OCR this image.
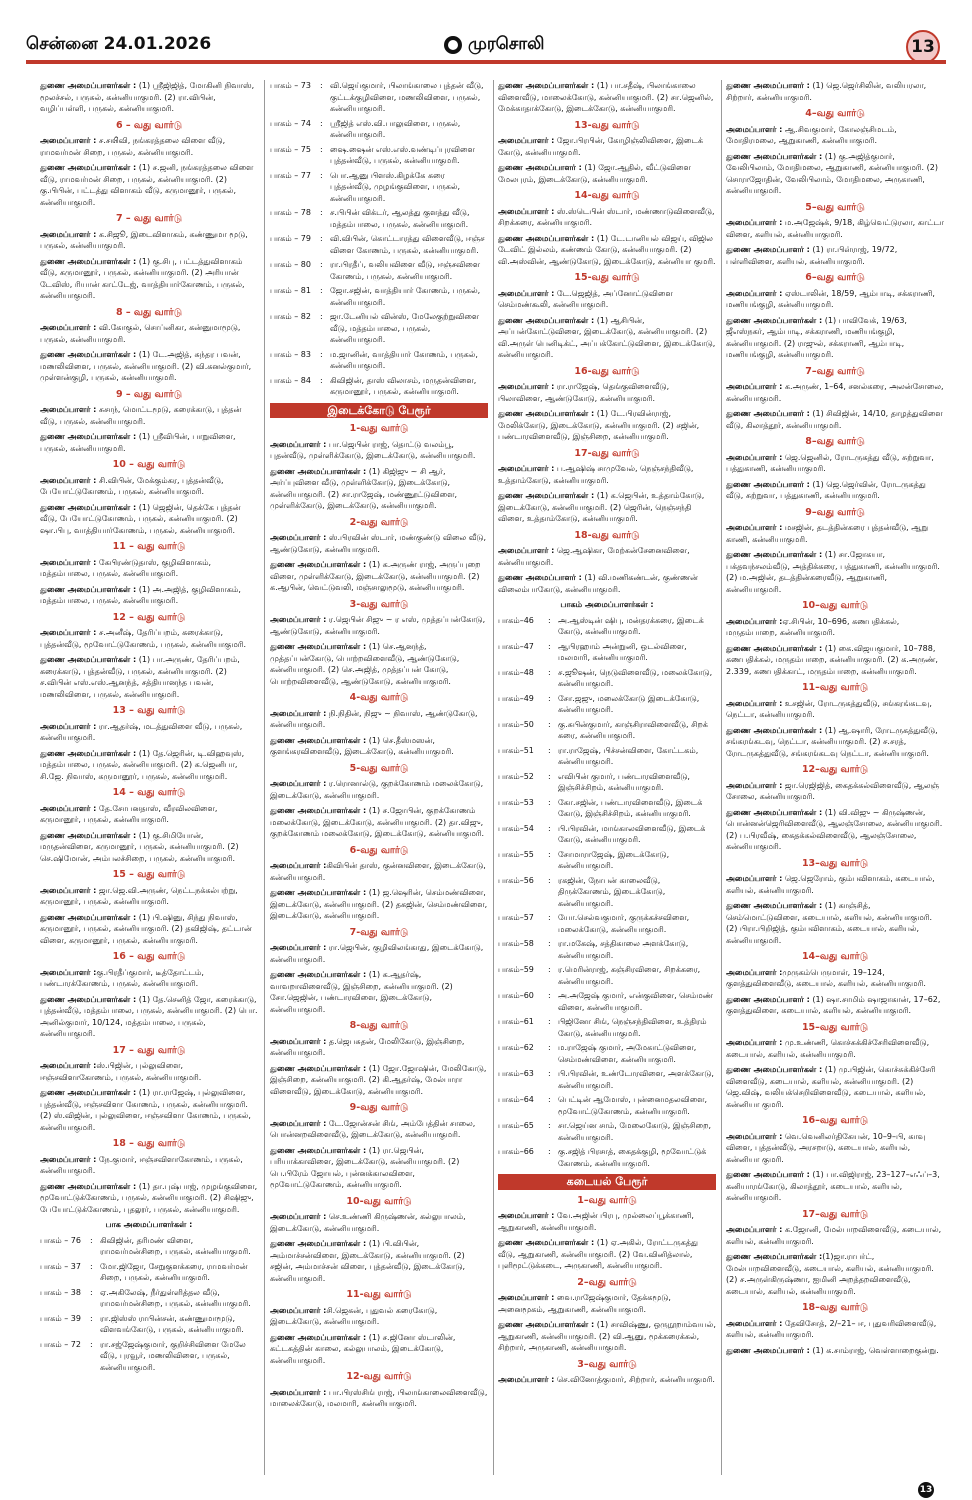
சென்னை 24.01.2026	முரசொலி	13

துணை அமைப்பாளர்கள் : (1) ஸ்ரீஜிஜித், மோகினி நிவாஸ், மூலச்சல், பருசுல், கன்னியாகுமரி. (2) ரா.விபின், வழிப்பள்ளி, பருகல், கன்னியாகுமரி.

6 – வது வார்டு

அமைப்பாளர் : ச.சஙிவி, நங்கரத்தலை விளை வீடு, ராமவர்மன் சிறை, பருகல், கன்னியாகுமரி.

துணை அமைப்பாளர்கள் : (1) ச.ஜனி, நங்கரத்தலை விளை வீடு, ராமவர்மன் சிறை, பருகல், கன்னியாகுமரி. (2) கு.பிபின், பட்டத்து விளாகம் வீடு, கருமானூர், பருகல், கன்னியாகுமரி.

7 – வது வார்டு

அமைப்பாளர் : க.சிஜூ, இடைவிளாகம், கண்ணுமா மூடு, பருகல், கன்னியாகுமரி.

துணை அமைப்பாளர்கள் : (1) கு.சிபு, பட்டத்துவிளாகம் வீடு, கருமானூர், பருகல், கன்னியாகுமரி. (2) அரியான் டேவிஸ், ரியான் காட்டேஜ், வாத்தியார்கோணம், பருகல், கன்னியாகுமரி.

8 – வது வார்டு

அமைப்பாளர் : வி.கோகுல், சொப்னிகா, கன்னுமாமூடு, பருகல், கன்னியாகுமரி.

துணை அமைப்பாளர்கள் : (1) டே.அஜித், சுந்தர பவன், மணலிவிளை, பருகல், கன்னியாகுமரி. (2) வி.கனல்குமார், முள்ளன்குழி, பருகல், கன்னியாகுமரி.

9 – வது வார்டு

அமைப்பாளர் : சுசாந், மொட்டமூடு, கரைக்காடு, புத்தன் வீடு, பருகல், கன்னியாகுமரி.

துணை அமைப்பாளர்கள் : (1) ஸ்ரீவிபின், பாறுவிளை, பருகல், கன்னியாகுமரி.

10 – வது வார்டு

அமைப்பாளர் : சி.விபின், மேக்கும்கர, புத்தன்வீடு, பேயோட்டுகோணம், பருகல், கன்னியாகுமரி.

துணை அமைப்பாளர்கள் : (1) ஜெஜின், தெக்கே புத்தன் வீடு, பேயோட்டுகோணம், பருகல், கன்னியாகுமரி. (2) ஷா.பிபு, வாத்தியார்கோணம், பருகல், கன்னியாகுமரி.

11 – வது வார்டு

அமைப்பாளர் : கேபிரண்டுதாஸ், குழிவிளாகம், மத்தம்பாலை, பருகல், கன்னியாகுமரி.

துணை அமைப்பாளர்கள் : (1) அ.அஜித், குழிவிளாகம், மத்தம்பாலை, பருகல், கன்னியாகுமரி.

12 – வது வார்டு

அமைப்பாளர் : ச.அனீஷ், தேரிப்பறம், கரைக்காடு, புத்தன்வீடு, மூவோட்டுகோணம், பருகல், கன்னியாகுமரி.

துணை அமைப்பாளர்கள் : (1) பா.அருண், தேரிப்பறம், கரைக்காடு, புத்தன்வீடு, பருகல், கன்னியாகுமரி. (2) ச.விபின் எஸ்.எஸ்.ஆனந்த், சத்தியானந்த பவன், மணலிவிளை, பருகல், கன்னியாகுமரி.

13 – வது வார்டு

அமைப்பாளர் : ரா.ஆதர்ஷ், மடத்துவிளை வீடு, பருகல், கன்னியாகுமரி.

துணை அமைப்பாளர்கள் : (1) தே.ஜெரின், டி.விஹவுஸ், மத்தம்பாலை, பருகல், கன்னியாகுமரி. (2) க.ஜெனிபா, சி.ஜே. நிவாஸ், கருமானூர், பருகல், கன்னியாகுமரி.

14 – வது வார்டு

அமைப்பாளர் : தே.சோபனதாஸ், வீரவிலவிளை, கருமானூர், பருகல், கன்னியாகுமரி.

துணை அமைப்பாளர்கள் : (1) கு.சிமியோன், மருதன்விளை, கருமானூர், பருகல், கன்னியாகுமரி. (2) செ.ஷிமோன், அம்பலச்சிறை, பருகல், கன்னியாகுமரி.

15 – வது வார்டு

அமைப்பாளர் : ஜா.ஜெ.வி.அருண், நெட்டநக்கல்பற்று, கருமானூர், பருகல், கன்னியாகுமரி.

துணை அமைப்பாளர்கள் : (1) பி.ஷினு, சிந்து நிவாஸ், கருமானூர், பருகல், கன்னியாகுமரி. (2) தவிஜிஷ், தட்டான் விளை, கருமானூர், பருகல், கன்னியாகுமரி.

16 – வது வார்டு

அமைப்பாளர் :கு.பிரதீப்குமார், டீத்தோட்டம், பண்டாரக்கோணம், பருகல், கன்னியாகுமரி.

துணை அமைப்பாளர்கள் : (1) தே.செனித் ஜோ, கரைக்காடு, புத்தன்வீடு, மத்தம்பாலை, பருகல், கன்னியாகுமரி. (2) பொ. அனில்குமார், 10/124, மத்தம்பாலை, பருகல், கன்னியாகுமரி.

17 – வது வார்டு

அமைப்பாளர் :ஸ்.பிஜின், புல்லுவிளை, ஈஞ்சவிளாகோணம், பருகல், கன்னியாகுமரி.

துணை அமைப்பாளர்கள் : (1) ரா.ராஜேஷ், புல்லுவிளை, புத்தன்வீடு, ஈஞ்சவிளா கோணம், பருகல், கன்னியாகுமரி. (2) ஸ்.விஜின், புல்லுவிளை, ஈஞ்சவிளா கோணம், பருகல், கன்னியாகுமரி.

18 – வது வார்டு

அமைப்பாளர் : நே.குமார், ஈஞ்சவிளாகோணம், பருகல், கன்னியாகுமரி.

துணை அமைப்பாளர்கள் : (1) தா.புஷ்பாஜ், முழங்குவிளை, மூவோட்டுக்கோணம், பருகல், கன்னியாகுமரி. (2) சிஷிஜு, பேயோட்டுக்கோணம், புதலூர், பருகல், கன்னியாகுமரி.

பாக அமைப்பாளர்கள் :
பாகம் – 76	: கிவிஜின், தரிமண் விளை, ராமவர்மன்சிறை, பருகல், கன்னியாகுமரி.
பாகம் – 37	: மோ.ஜிஜோ, சேறுகுளக்கரை, ராமவர்மன் சிறை, பருகல், கன்னியாகுமரி.
பாகம் – 38	: ஏ.அகிலேஷ், நீர்துள்ளித்தல வீடு, ராமவர்மன்சிறை, பருகல், கன்னியாகுமரி.
பாகம் – 39	: ரா.ஜிஸ்ஸ் ராபின்சன், கண்ணுமாமூடு, விளவங்கோடு, பருகல், கன்னியாகுமரி.
பாகம் – 72	: ரா.சஜ்ஜேஷ்குமார், குறிச்சிவிளை மேலே வீடு, புரவூர், மணலிவிளை, பருகல், கன்னியாகுமரி.
பாகம் – 73	: வி.ஜெய்குமார், பிலாங்காலை புத்தன் வீடு, குட்டக்குழிவிளை, மணலிவிளை, பருகல், கன்னியாகுமரி.
பாகம் – 74	: ஸ்ரீஜித் எஸ்.வி.பாலுவிளை, பருகல், கன்னியாகுமரி.
பாகம் – 75	: ஷை.ஷைன் எஸ்.எஸ்.வண்டிப்புரவிளை புத்தன்வீடு, பருகல், கன்னியாகுமரி.
பாகம் – 77	: பொ.ஆனு பிளஸ்.கிழக்கே கரை புத்தன்வீடு, முழங்குவிளை, பருகல், கன்னியாகுமரி.
பாகம் – 78	: ச.பிபின் விக்டர், ஆலத்து குளத்து வீடு, மத்தம்பாலை, பருகல், கன்னியாகுமரி.
பாகம் – 79	: வி.விபின், கொட்டாரத்து விளைவீடு, ஈஞ்ச விளை கோணம், பருகல், கன்னியாகுமரி.
பாகம் – 80	: ரா.பிரதீப், வலியவிளை வீடு, ஈஞ்சவிளை கோணம், பருகல், கன்னியாகுமரி.
பாகம் – 81	: ஜோ.சஜின், வாத்தியார் கோணம், பருகல், கன்னியாகுமரி.
பாகம் – 82	: ஜா.டேனியல் வின்ஸ், மேலேகுற்றுவிளை வீடு, மத்தம்பாலை, பருகல், கன்னியாகுமரி.
பாகம் – 83	: ம.ஜானின், வாத்தியார் கோணம், பருகல், கன்னியாகுமரி.
பாகம் – 84	: கிவிஜின், தாஸ் விலாசம், மருதன்விளை, கருமானூர், பருகல், கன்னியாகுமரி.
இடைக்கோடு பேரூர்
1-வது வார்டு

அமைப்பாளர் : பா.ஜெபின் ராஜ், தொட்டு வலம்பூ, புதன்வீடு, முள்ளிக்கோடு, இடைக்கோடு, கன்னியாகுமரி.

துணை அமைப்பாளர்கள் : (1) கிஜிஜு ~ சி ஆர், அர்ப்புவிளை வீடு, முள்ளிக்கோடு, இடைக்கோடு, கன்னியாகுமரி. (2) சா.ராஜேஷ், மண்ணூட்டுவிளை, முள்ளிக்கோடு, இடைக்கோடு, கன்னியாகுமரி.

2-வது வார்டு

அமைப்பாளர் : ஸ்.பிரவின் ஸ்டார், மண்குண்டு விலை வீடு, ஆண்டுகோடு, கன்னியாகுமரி.

துணை அமைப்பாளர்கள் : (1) க.அருண் ராஜ், அருப்புறை விளை, முள்ளிக்கோடு, இடைக்கோடு, கன்னியாகுமரி. (2) க.ஆபின், வெட்டுவலி, மஞ்சாலுமூடு, கன்னியாகுமரி.

3-வது வார்டு

அமைப்பாளர் : ர.ஜெபின் சிஜு ~ ர எஸ், முத்தப்பன்கோடு, ஆண்டுகோடு, கன்னியாகுமரி.

துணை அமைப்பாளர்கள் : (1) செ.ஆனந்த், முத்தப்பன்கோடு, பொற்றவிளைவீடு, ஆண்டுகோடு, கன்னியாகுமரி. (2) செ.அஜித், முத்தப்பன் கோடு, பொற்றவிளைவீடு, ஆண்டுகோடு, கன்னியாகுமரி.

4-வது வார்டு

அமைப்பாளர் : நி.நிதின், நிஜு ~ நிவாஸ், ஆண்டுகோடு, கன்னியாகுமரி.

துணை அமைப்பாளர்கள் : (1) செ.தீஸ்மஸன், குளங்கரவிளைவீடு, இடைக்கோடு, கன்னியாகுமரி.

5-வது வார்டு

அமைப்பாளர் : ர.ரொனால்டு, குறக்கோணம் மலைக்கோடு, இடைக்கோடு, கன்னியாகுமரி.

துணை அமைப்பாளர்கள் : (1) ச.ஜோபின், குறக்கோணம் மலைக்கோடு, இடைக்கோடு, கன்னியாகுமரி. (2) தா.விஜு, குறக்கோணம் மலைக்கோடு, இடைக்கோடு, கன்னியாகுமரி.

6-வது வார்டு

அமைப்பாளர் :கிவிபின் தாஸ், குன்னவிளை, இடைக்கோடு, கன்னியாகுமரி.

துணை அமைப்பாளர்கள் : (1) ஜ.ஷெரின், செம்மண்விளை, இடைக்கோடு, கன்னியாகுமரி. (2) தகஜின், செம்மண்விளை, இடைக்கோடு, கன்னியாகுமரி.

7-வது வார்டு

அமைப்பாளர் : ரா.ஜெபின், குழிவிலங்காது, இடைக்கோடு, கன்னியாகுமரி.

துணை அமைப்பாளர்கள் : (1) க.ஆதர்ஷ், வாவறாவிளைவீடு, இஞ்சிறை, கன்னியாகுமரி. (2) சோ.ஜெஜின், பண்டாரவிளை, இடைக்கோடு, கன்னியாகுமரி.

8-வது வார்டு

அமைப்பாளர் : த.ஜெபசுதன், மேலிகோடு, இஞ்சிறை, கன்னியாகுமரி.

துணை அமைப்பாளர்கள் : (1) ஜோ.ஜோஷின், மேலிகோடு, இஞ்சிறை, கன்னியாகுமரி. (2) கி.ஆதர்ஷ், மேல்பாரா விளைவீடு, இடைக்கோடு, கன்னியாகுமரி.

9-வது வார்டு

அமைப்பாளர் : டே.ஜோன்சன் சிங், அம்பேத்தின் சாலை, பொன்னறவிளைவீடு, இடைக்கோடு, கன்னியாகுமரி.

துணை அமைப்பாளர்கள் : (1) ரா.ஜெபின், பரியாக்காவிளை, இடைக்கோடு, கன்னியாகுமரி. (2) பெ.பிரேம் ஜோயல், புன்னக்காலவிளை, மூவோட்டுகோணம், கன்னியாகுமரி.

10-வது வார்டு

அமைப்பாளர் : செ.உண்ணி கிருஷ்ணன், கல்லுபாலம், இடைக்கோடு, கன்னியாகுமரி.

துணை அமைப்பாளர்கள் : (1) பி.விபின், அம்மாச்சன்விளை, இடைக்கோடு, கன்னியாகுமரி. (2) சஜின், அம்மாச்சன் விளை, புத்தன்வீடு, இடைக்கோடு, கன்னியாகுமரி.

11-வது வார்டு

அமைப்பாளர் :சி.ஜெகன், புதுவல் கரைகோடு, இடைக்கோடு, கன்னியாகுமரி.

துணை அமைப்பாளர்கள் : (1) ச.ஜினோ ஸ்டாலின், கட்டகத்தின் காலை, கல்லுபாலம், இடைக்கோடு, கன்னியாகுமரி.

12-வது வார்டு

அமைப்பாளர் : பா.பிரஸ்சிங் ராஜ், பிலாங்காலைவிளைவீடு, மாலைக்கோடு, மலமாரி, கன்னியாகுமரி.

துணை அமைப்பாளர்கள் : (1) பா.சதீஷ், பிலாங்காலை விளைவீடு, மாலைக்கோடு, கன்னியாகுமரி. (2) சா.ஜெனில், மேக்காதாக்கோடு, இடைக்கோடு, கன்னியாகுமரி.

13-வது வார்டு

அமைப்பாளர் : ஜோ.பிரபின், கோழிஞ்லிவிளை, இடைக் கோடு, கன்னியாகுமரி.

துணை அமைப்பாளர் : (1) ஜோ.ஆதில், வீட்டுவிளை மேலபுரம், இடைக்கோடு, கன்னியாகுமரி.

14-வது வார்டு

அமைப்பாளர் : ஸ்.ஸ்டெபின் ஸ்டார், மண்ணாடுவிளைவீடு, சிறக்கரை, கன்னியாகுமரி.

துணை அமைப்பாளர்கள் : (1) டே.டானியல் விஜய், விஜில டேவிட் இல்லம், கண்ணம் கோடு, கன்னியாகுமரி. (2) வி.அஸ்வின், ஆண்டுகோடு, இடைக்கோடு, கன்னியா குமரி.

15-வது வார்டு

அமைப்பாளர் : டே.ஜெஜித், அப்னோட்டுவிளை செம்மண்கூலி, கன்னியாகுமரி.

துணை அமைப்பாளர்கள் : (1) ஆசிபின், அப்பன்கோட்டுவிளை, இடைக்கோடு, கன்னியாகுமரி. (2) வி.அருள் பெனிடிக்ட், அப்பக்கோட்டுவிளை, இடைக்கோடு, கன்னியாகுமரி.

16-வது வார்டு

அமைப்பாளர் : ரா.ராஜேஷ், தெங்குவிளைவீடு, பிலாவிளை, ஆண்டுகோடு, கன்னியாகுமரி.

துணை அமைப்பாளர்கள் : (1) டே.பிரவின்ராஜ், மேலிக்கோடு, இடைக்கோடு, கன்னியாகுமரி. (2) சஜின், பண்டாரவிளைவீடு, இஞ்சிறை, கன்னியாகுமரி.

17-வது வார்டு

அமைப்பாளர் : ப.ஆஷிஷ் சாமுவேல், நெஞ்சந்திவீடு, உத்தாம்கோடு, கன்னியாகுமரி.

துணை அமைப்பாளர்கள் : (1) க.ஜெபின், உத்தாம்கோடு, இடைக்கோடு, கன்னியாகுமரி. (2) ஜெரின், நெஞ்சந்தி விளை, உத்தாம்கோடு, கன்னியாகுமரி.

18-வது வார்டு

அமைப்பாளர் : ஜெ.ஆஷிகா, மேற்கன்சேனைவிளை, கன்னியாகுமரி.

துணை அமைப்பாளர் : (1) வி.மணிகண்டன், குண்ணன் விலைம்பாகோடு, கன்னியாகுமரி.

பாகம் அமைப்பாளர்கள் :
பாகம்–46	: அ.ஆஸ்டின் ஷிபு, மன்தரக்கரை, இடைக் கோடு, கன்னியாகுமரி.
பாகம்–47	: ஆபிரஹாம் அன்றுனி, ஒடல்விளை, மலமாரி, கன்னியாகுமரி.
பாகம்–48	: ச.ஜூஷன், நெடுவிளைவீடு, மலைக்கோடு, கன்னியாகுமரி.
பாகம்–49	: சோ.ஜஜு, மலைக்கோடு இடைக்கோடு, கன்னியாகுமரி.
பாகம்–50	: கு.சுபின்குமார், காஞ்சிராவிளைவீடு, சிறக் கரை, கன்னியாகுமரி.
பாகம்–51	: ரா.ராஜேஷ், பிச்சன்விளை, கோட்டகம், கன்னியாகுமரி.
பாகம்–52	: எவிபின் குமார், பண்டாரவிளைவீடு, இஞ்சிச்சிறம், கன்னியாகுமரி.
பாகம்–53	: கோ.சஜின், பண்டாரவிளைவீடு, இடைக் கோடு, இஞ்சிச்சிறம், கன்னியாகுமரி.
பாகம்–54	: பி.பிரவின், மாங்காலவிளைவீடு, இடைக் கோடு, கன்னியாகுமரி.
பாகம்–55	: சோமாராஜேஷ், இடைக்கோடு, கன்னியாகுமரி.
பாகம்–56	: ரகஜின், நோபன் காலைவீடு, திருக்கோணம், இடைக்கோடு, கன்னியாகுமரி.
பாகம்–57	: யோ.செல்வகுமார், குருக்கச்சவிளை, மலைக்கோடு, கன்னியாகுமரி.
பாகம்–58	: ரா.மகேஷ், சத்திகாலை அளக்கோடு, கன்னியாகுமரி.
பாகம்–59	: ர.மெரின்ராஜ், கஞ்சிரவிளை, சிறக்கரை, கன்னியாகுமரி.
பாகம்–60	: அ.அஜேஷ் குமார், என்குவிளை, செம்மண் விளை, கன்னியாகுமரி.
பாகம்–61	: பிஜினோ சிங், நெஞ்சந்திவிளை, உத்திரம் கோடு, கன்னியாகுமரி.
பாகம்–62	: ம.ராஜேஷ் குமார், அமேகாட்டுவிளை, செம்மண்விளை, கன்னியாகுமரி.
பாகம்–63	: பி.பிரவின், உண்டோரவிளை, அளக்கோடு, கன்னியாகுமரி.
பாகம்–64	: பெட்டின் ஆமோஸ், புன்னைமதலவிளை, மூவோட்டுகோணம், கன்னியாகுமரி.
பாகம்–65	: சா.ஜெய்ன சாம், மேலைகோடு, இஞ்சிறை, கன்னியாகுமரி.
பாகம்–66	: கு.சஜித் பிரசாத், கைதக்குழி, மூவோட்டுக் கோணம், கன்னியாகுமரி.
கடையல் பேரூர்
1–வது வார்டு

அமைப்பாளர் : வே.அஜின் பிரபு, முல்லைப்பூக்காணி, ஆறுகாணி, கன்னியாகுமரி.

துணை அமைப்பாளர்கள் : (1) ஏ.அகில், ரோட்டருகத்து வீடு, ஆறுகாணி, கன்னியாகுமரி. (2) வே.வினித்லால், புளிமூட்டுக்கடை, அருகாணி, கன்னியாகுமரி.

2–வது வார்டு

அமைப்பாளர் : வை.ராஜேஷ்குமார், தேக்கமூடு, அனைமூகம், ஆறுகாணி, கன்னியாகுமரி.

துணை அமைப்பாளர்கள் : (1) சாவிஷ்ணு, ஒருநூறாம்வயல், ஆறுகாணி, கன்னியாகுமரி. (2) வி.ஆனு, மூக்கரைக்கல், சிற்றார், அருகாணி, கன்னியாகுமரி.

3–வது வார்டு

அமைப்பாளர் : செ.வினோத்குமார், சிற்றார், கன்னியாகுமரி.

துணை அமைப்பாளர் : (1) ஜெ.ஜெர்சிலின், வலியரலா, சிற்றார், கன்னியாகுமரி.

4–வது வார்டு

அமைப்பாளர் : ஆ.சிவகுமார், கோலஞ்சிமடம், மோதிரமலை, ஆறுகாணி, கன்னியாகுமரி.

துணை அமைப்பாளர்கள் : (1) கு.அஜித்குமார், வேலிபிலாம், மோதிமலை, ஆறுகாணி, கன்னியாகுமரி. (2) சொராஜோதின், வேலிபிலாம், மோதிமலை, அருகாணி, கன்னியாகுமரி.

5–வது வார்டு

அமைப்பாளர் : ம.அஜேஷ்க், 9/18, கிழ்வெட்டுரலா, காட்டா விளை, களியல், கன்னியாகுமரி.

துணை அமைப்பாளர் : (1) ரா.பிள்ராஜ், 19/72, பள்ளிவிளை, களியல், கன்னியாகுமரி.

6–வது வார்டு

அமைப்பாளர் : ஏஸ்டாலின், 18/59, ஆம்பாடி, சக்கராணி, மணியங்குழி, கன்னியாகுமரி.

துணை அமைப்பாளர்கள் : (1) பாவிவேக், 19/63, ஜீஎஸ்நகர், ஆம்பாடி, சக்கராணி, மணியங்குழி, கன்னியாகுமரி. (2) ராஜுல், சக்கராணி, ஆம்பாடி, மணியங்குழி, கன்னியாகுமரி.

7–வது வார்டு

அமைப்பாளர் : க.அருண், 1–64, சனல்கரை, அலன்சோலை, கன்னியாகுமரி.

துணை அமைப்பாளர் : (1) சிவிஜின், 14/10, தாழத்துவிளை வீடு, கிலாத்தூர், கன்னியாகுமரி.

8–வது வார்டு

அமைப்பாளர் : ஜெ.ஜெனில், ரோடருகத்து வீடு, சுற்றுவா, பத்துகாணி, கன்னியாகுமரி.

துணை அமைப்பாளர் : (1) ஜெ.ஜெர்வின், ரோடருகத்து வீடு, சுற்றுவா, பத்துகாணி, கன்னியாகுமரி.

9–வது வார்டு

அமைப்பாளர் : மசஜின், தடத்தின்கரை புத்தன்வீடு, ஆறு காணி, கன்னியாகுமரி.

துணை அமைப்பாளர்கள் : (1) சா.ஜோகயா, பக்தவந்சலம்வீடு, அத்திக்கரை, பத்துகாணி, கன்னியாகுமரி. (2) ம.அஜின், தடத்தின்கரைவீடு, ஆறுகாணி, கன்னியாகுமரி.

10–வது வார்டு

அமைப்பாளர் :ஏ.சிபின், 10–696, கணபதிக்கல், மருதம்பாறை, கன்னியாகுமரி.

துணை அமைப்பாளர்கள் : (1) கை.விஜயகுமார், 10–788, கணபதிக்கல், மருதம்பாறை, கன்னியாகுமரி. (2) க.அருண், 2.339, கணபதிக்காட், மருதம்பாறை, கன்னியாகுமரி.

11–வது வார்டு

அமைப்பாளர் : உசஜின், ரோடருகத்துவீடு, சங்கரங்கடவு, நெட்டா, கன்னியாகுமரி.

துணை அமைப்பாளர்கள் : (1) ஆ.ஷாரி, ரோடருகத்துவீடு, சங்கரங்கடவு, நெட்டா, கன்னியாகுமரி. (2) ச.சரத், ரோடருகத்துவீடு, சங்கரங்கடவு நெட்டா, கன்னியாகுமரி.

12–வது வார்டு

அமைப்பாளர் : ஜா.ரெஜிஜித், கைதக்கல்விளைவீடு, ஆலஞ் சோலை, கன்னியாகுமரி.

துணை அமைப்பாளர்கள் : (1) வி.விஜு ~ கிருஷ்ணன், பொன்னன்ஜெரிவிளைவீடு, ஆலஞ்சோலை, கன்னியாகுமரி. (2) ப.பிரவீஷ், கைதக்கல்விளைவீடு, ஆலஞ்சோலை, கன்னியாகுமரி.

13–வது வார்டு

அமைப்பாளர் : ஜெ.ஜெரோம், கும்பவிளாகம், கடையால், களியல், கன்னியாகுமரி.

துணை அமைப்பாளர்கள் : (1) காஞ்சித், செம்மொட்டுவிளை, கடையால், களியல், கன்னியாகுமரி. (2) பிரா.பிறிஜித், கும்பவிளாகம், கடையால், களியல், கன்னியாகுமரி.

14–வது வார்டு

அமைப்பாளர் :முருகம்பெருமாள், 19–124, குளத்துவிளைவீடு, கடையால், களியல், கன்னியாகுமரி.

துணை அமைப்பாளர் : (1) ஷா.சாமிம் ஷாஜாகான், 17–62, குளத்துவிளை, கடையால், களியல், கன்னியாகுமரி.

15–வது வார்டு

அமைப்பாளர் : மு.உண்ணி, கொச்சுக்கிச்சேரிவிளைவீடு, கடையால், களியல், கன்னியாகுமரி.

துணை அமைப்பாளர்கள் : (1) மு.பிஜின், கொச்சுக்கிச்சேரி விளைவீடு, கடையால், களியல், கன்னியாகுமரி. (2) ஜெ.விஷ், வலியக்செறிவிளைவீடு, கடையால், களியல், கன்னியா குமரி.

16–வது வார்டு

அமைப்பாளர் : வெ.வெனிலர்திகேயன், 10–9–பி, காவு விளை, புத்தன்வீடு, அரசறாடு, கடையால், களியல், கன்னியா குமரி.

துணை அமைப்பாளர் : (1) பா.விஜிராஜ், 23–127–எஃப்–3, கனியாரங்கோடு, கிலாத்தூர், கடையால், களியல், கன்னியாகுமரி.

17–வது வார்டு

அமைப்பாளர் : க.ஜோனி, மேல்பாறவிளைவீடு, கடையால், களியல், கன்னியாகுமரி.

துணை அமைப்பாளர்கள் :(1)ஜா.ராபர்ட், மேல்பாறவிளைவீடு, கடையால், களியல், கன்னியாகுமரி. (2) ச.அருள்கிருஷ்ணா, ஐமினி அறத்தறவிளைவீடு, கடையால், களியல், கன்னியாகுமரி.

18–வது வார்டு

அமைப்பாளர் : தேவிசோத், 2/–21– ஈ, புதுவரிவிளைவீடு, களியல், கன்னியாகுமரி.

துணை அமைப்பாளர் : (1) க.சாம்ராஜ், வெள்ளாறைகுன்று.

13
